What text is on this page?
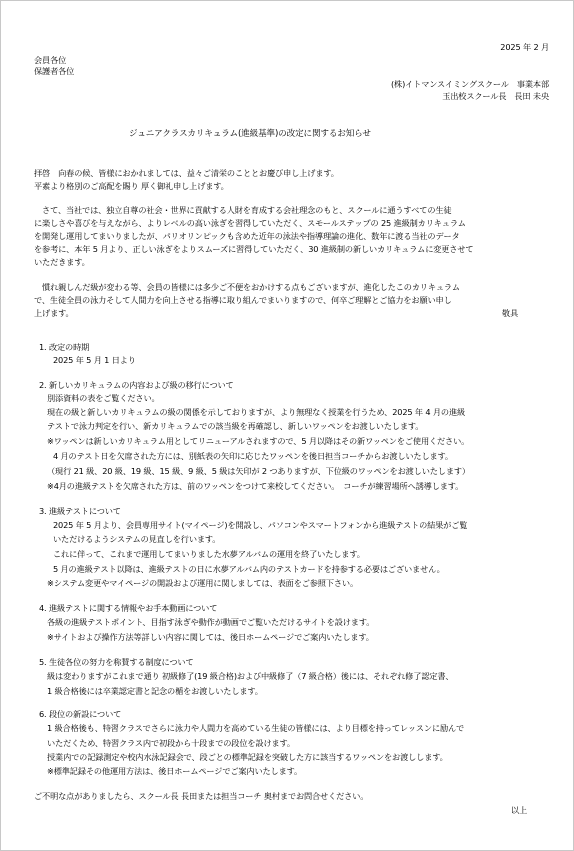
2025 年 2 月
会員各位
保護者各位
(株)イトマンスイミングスクール　事業本部
玉出校スクール長　長田 未央
ジュニアクラスカリキュラム(進級基準)の改定に関するお知らせ
拝啓　向春の候、皆様におかれましては、益々ご清栄のこととお慶び申し上げます。
平素より格別のご高配を賜り 厚く御礼申し上げます。
　さて、当社では、独立自尊の社会・世界に貢献する人財を育成する会社理念のもと、スクールに通うすべての生徒
に楽しさや喜びを与えながら、よりレベルの高い泳ぎを習得していただく、スモールステップの 25 進級制カリキュラム
を開発し運用してまいりましたが、パリオリンピックも含めた近年の泳法や指導理論の進化、数年に渡る当社のデータ
を参考に、本年 5 月より、正しい泳ぎをよりスムーズに習得していただく、30 進級制の新しいカリキュラムに変更させて
いただきます。
　慣れ親しんだ級が変わる等、会員の皆様には多少ご不便をおかけする点もございますが、進化したこのカリキュラム
で、生徒全員の泳力そして人間力を向上させる指導に取り組んでまいりますので、何卒ご理解とご協力をお願い申し
上げます。	敬具
1. 改定の時期
2025 年 5 月 1 日より
2. 新しいカリキュラムの内容および級の移行について
別添資料の表をご覧ください。
現在の級と新しいカリキュラムの級の関係を示しておりますが、より無理なく授業を行うため、2025 年 4 月の進級
テストで泳力判定を行い、新カリキュラムでの該当級を再確認し、新しいワッペンをお渡しいたします。
※ワッペンは新しいカリキュラム用としてリニューアルされますので、5 月以降はその新ワッペンをご使用ください。
4 月のテスト日を欠席された方には、別紙表の矢印に応じたワッペンを後日担当コーチからお渡しいたします。
（現行 21 級、20 級、19 級、15 級、9 級、5 級は矢印が 2 つありますが、下位級のワッペンをお渡しいたします）
※4月の進級テストを欠席された方は、前のワッペンをつけて来校してください。　コーチが練習場所へ誘導します。
3. 進級テストについて
2025 年 5 月より、会員専用サイト(マイページ)を開設し、パソコンやスマートフォンから進級テストの結果がご覧
いただけるようシステムの見直しを行います。
これに伴って、これまで運用してまいりました水夢アルバムの運用を終了いたします。
5 月の進級テスト以降は、進級テストの日に水夢アルバム内のテストカードを持参する必要はございません。
※システム変更やマイページの開設および運用に関しましては、表面をご参照下さい。
4. 進級テストに関する情報やお手本動画について
各級の進級テストポイント、目指す泳ぎや動作が動画でご覧いただけるサイトを設けます。
※サイトおよび操作方法等詳しい内容に関しては、後日ホームページでご案内いたします。
5. 生徒各位の努力を称賛する制度について
級は変わりますがこれまで通り 初級修了(19 級合格)および中級修了（7 級合格）後には、それぞれ修了認定書、
1 級合格後には卒業認定書と記念の楯をお渡しいたします。
6. 段位の新設について
1 級合格後も、特習クラスでさらに泳力や人間力を高めている生徒の皆様には、より目標を持ってレッスンに励んで
いただくため、特習クラス内で初段から十段までの段位を設けます。
授業内での記録測定や校内水泳記録会で、段ごとの標準記録を突破した方に該当するワッペンをお渡しします。
※標準記録その他運用方法は、後日ホームページでご案内いたします。
ご不明な点がありましたら、スクール長 長田または担当コーチ 奥村までお問合せください。
以上
